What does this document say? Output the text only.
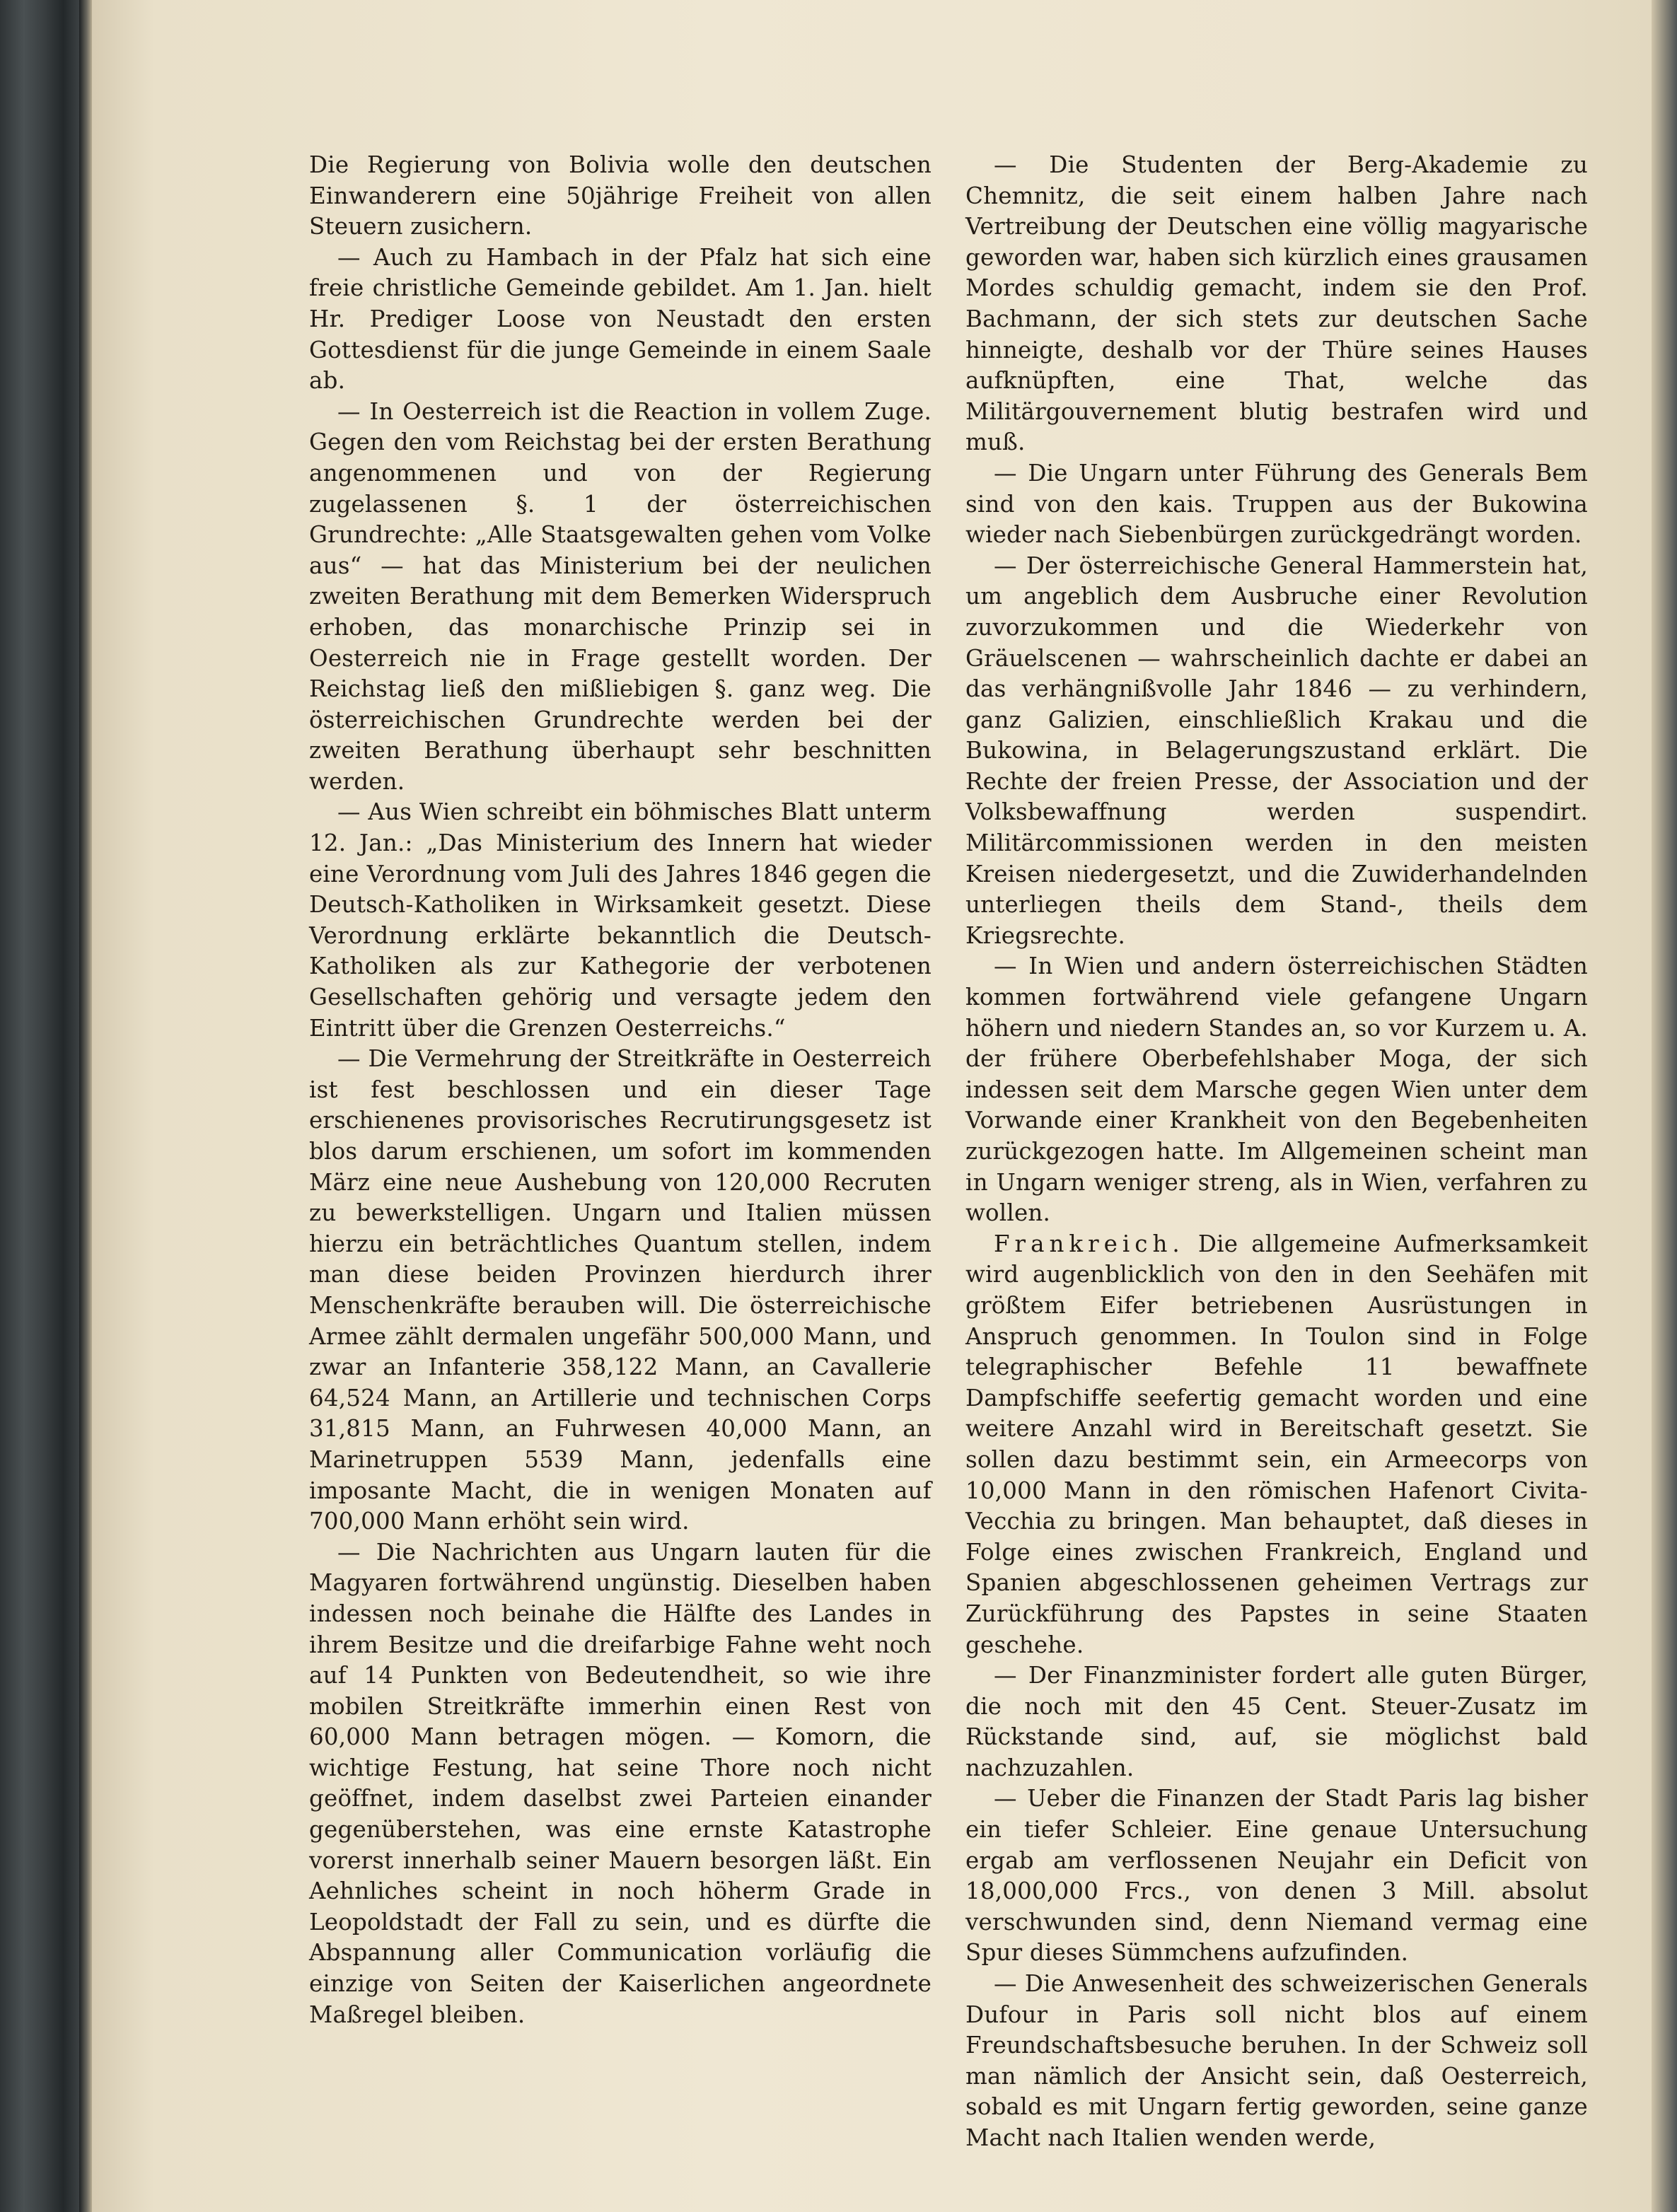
Die Regierung von Bolivia wolle den deutschen Einwanderern eine 50jährige Freiheit von allen Steuern zusichern.

— Auch zu Hambach in der Pfalz hat sich eine freie christliche Gemeinde gebildet. Am 1. Jan. hielt Hr. Prediger Loose von Neustadt den ersten Gottesdienst für die junge Gemeinde in einem Saale ab.

— In Oesterreich ist die Reaction in vollem Zuge. Gegen den vom Reichstag bei der ersten Berathung angenommenen und von der Regierung zugelassenen §. 1 der österreichischen Grundrechte: „Alle Staatsgewalten gehen vom Volke aus“ — hat das Ministerium bei der neulichen zweiten Berathung mit dem Bemerken Widerspruch erhoben, das monarchische Prinzip sei in Oesterreich nie in Frage gestellt worden. Der Reichstag ließ den mißliebigen §. ganz weg. Die österreichischen Grundrechte werden bei der zweiten Berathung überhaupt sehr beschnitten werden.

— Aus Wien schreibt ein böhmisches Blatt unterm 12. Jan.: „Das Ministerium des Innern hat wieder eine Verordnung vom Juli des Jahres 1846 gegen die Deutsch-Katholiken in Wirksamkeit gesetzt. Diese Verordnung erklärte bekanntlich die Deutsch-Katholiken als zur Kathegorie der verbotenen Gesellschaften gehörig und versagte jedem den Eintritt über die Grenzen Oesterreichs.“

— Die Vermehrung der Streitkräfte in Oesterreich ist fest beschlossen und ein dieser Tage erschienenes provisorisches Recrutirungsgesetz ist blos darum erschienen, um sofort im kommenden März eine neue Aushebung von 120,000 Recruten zu bewerkstelligen. Ungarn und Italien müssen hierzu ein beträchtliches Quantum stellen, indem man diese beiden Provinzen hierdurch ihrer Menschenkräfte berauben will. Die österreichische Armee zählt dermalen ungefähr 500,000 Mann, und zwar an Infanterie 358,122 Mann, an Cavallerie 64,524 Mann, an Artillerie und technischen Corps 31,815 Mann, an Fuhrwesen 40,000 Mann, an Marinetruppen 5539 Mann, jedenfalls eine imposante Macht, die in wenigen Monaten auf 700,000 Mann erhöht sein wird.

— Die Nachrichten aus Ungarn lauten für die Magyaren fortwährend ungünstig. Dieselben haben indessen noch beinahe die Hälfte des Landes in ihrem Besitze und die dreifarbige Fahne weht noch auf 14 Punkten von Bedeutendheit, so wie ihre mobilen Streitkräfte immerhin einen Rest von 60,000 Mann betragen mögen. — Komorn, die wichtige Festung, hat seine Thore noch nicht geöffnet, indem daselbst zwei Parteien einander gegenüberstehen, was eine ernste Katastrophe vorerst innerhalb seiner Mauern besorgen läßt. Ein Aehnliches scheint in noch höherm Grade in Leopoldstadt der Fall zu sein, und es dürfte die Abspannung aller Communication vorläufig die einzige von Seiten der Kaiserlichen angeordnete Maßregel bleiben.

— Die Studenten der Berg-Akademie zu Chemnitz, die seit einem halben Jahre nach Vertreibung der Deutschen eine völlig magyarische geworden war, haben sich kürzlich eines grausamen Mordes schuldig gemacht, indem sie den Prof. Bachmann, der sich stets zur deutschen Sache hinneigte, deshalb vor der Thüre seines Hauses aufknüpften, eine That, welche das Militärgouvernement blutig bestrafen wird und muß.

— Die Ungarn unter Führung des Generals Bem sind von den kais. Truppen aus der Bukowina wieder nach Siebenbürgen zurückgedrängt worden.

— Der österreichische General Hammerstein hat, um angeblich dem Ausbruche einer Revolution zuvorzukommen und die Wiederkehr von Gräuelscenen — wahrscheinlich dachte er dabei an das verhängnißvolle Jahr 1846 — zu verhindern, ganz Galizien, einschließlich Krakau und die Bukowina, in Belagerungszustand erklärt. Die Rechte der freien Presse, der Association und der Volksbewaffnung werden suspendirt. Militärcommissionen werden in den meisten Kreisen niedergesetzt, und die Zuwiderhandelnden unterliegen theils dem Stand-, theils dem Kriegsrechte.

— In Wien und andern österreichischen Städten kommen fortwährend viele gefangene Ungarn höhern und niedern Standes an, so vor Kurzem u. A. der frühere Oberbefehlshaber Moga, der sich indessen seit dem Marsche gegen Wien unter dem Vorwande einer Krankheit von den Begebenheiten zurückgezogen hatte. Im Allgemeinen scheint man in Ungarn weniger streng, als in Wien, verfahren zu wollen.

Frankreich. Die allgemeine Aufmerksamkeit wird augenblicklich von den in den Seehäfen mit größtem Eifer betriebenen Ausrüstungen in Anspruch genommen. In Toulon sind in Folge telegraphischer Befehle 11 bewaffnete Dampfschiffe seefertig gemacht worden und eine weitere Anzahl wird in Bereitschaft gesetzt. Sie sollen dazu bestimmt sein, ein Armeecorps von 10,000 Mann in den römischen Hafenort Civita-Vecchia zu bringen. Man behauptet, daß dieses in Folge eines zwischen Frankreich, England und Spanien abgeschlossenen geheimen Vertrags zur Zurückführung des Papstes in seine Staaten geschehe.

— Der Finanzminister fordert alle guten Bürger, die noch mit den 45 Cent. Steuer-Zusatz im Rückstande sind, auf, sie möglichst bald nachzuzahlen.

— Ueber die Finanzen der Stadt Paris lag bisher ein tiefer Schleier. Eine genaue Untersuchung ergab am verflossenen Neujahr ein Deficit von 18,000,000 Frcs., von denen 3 Mill. absolut verschwunden sind, denn Niemand vermag eine Spur dieses Sümmchens aufzufinden.

— Die Anwesenheit des schweizerischen Generals Dufour in Paris soll nicht blos auf einem Freundschaftsbesuche beruhen. In der Schweiz soll man nämlich der Ansicht sein, daß Oesterreich, sobald es mit Ungarn fertig geworden, seine ganze Macht nach Italien wenden werde,
